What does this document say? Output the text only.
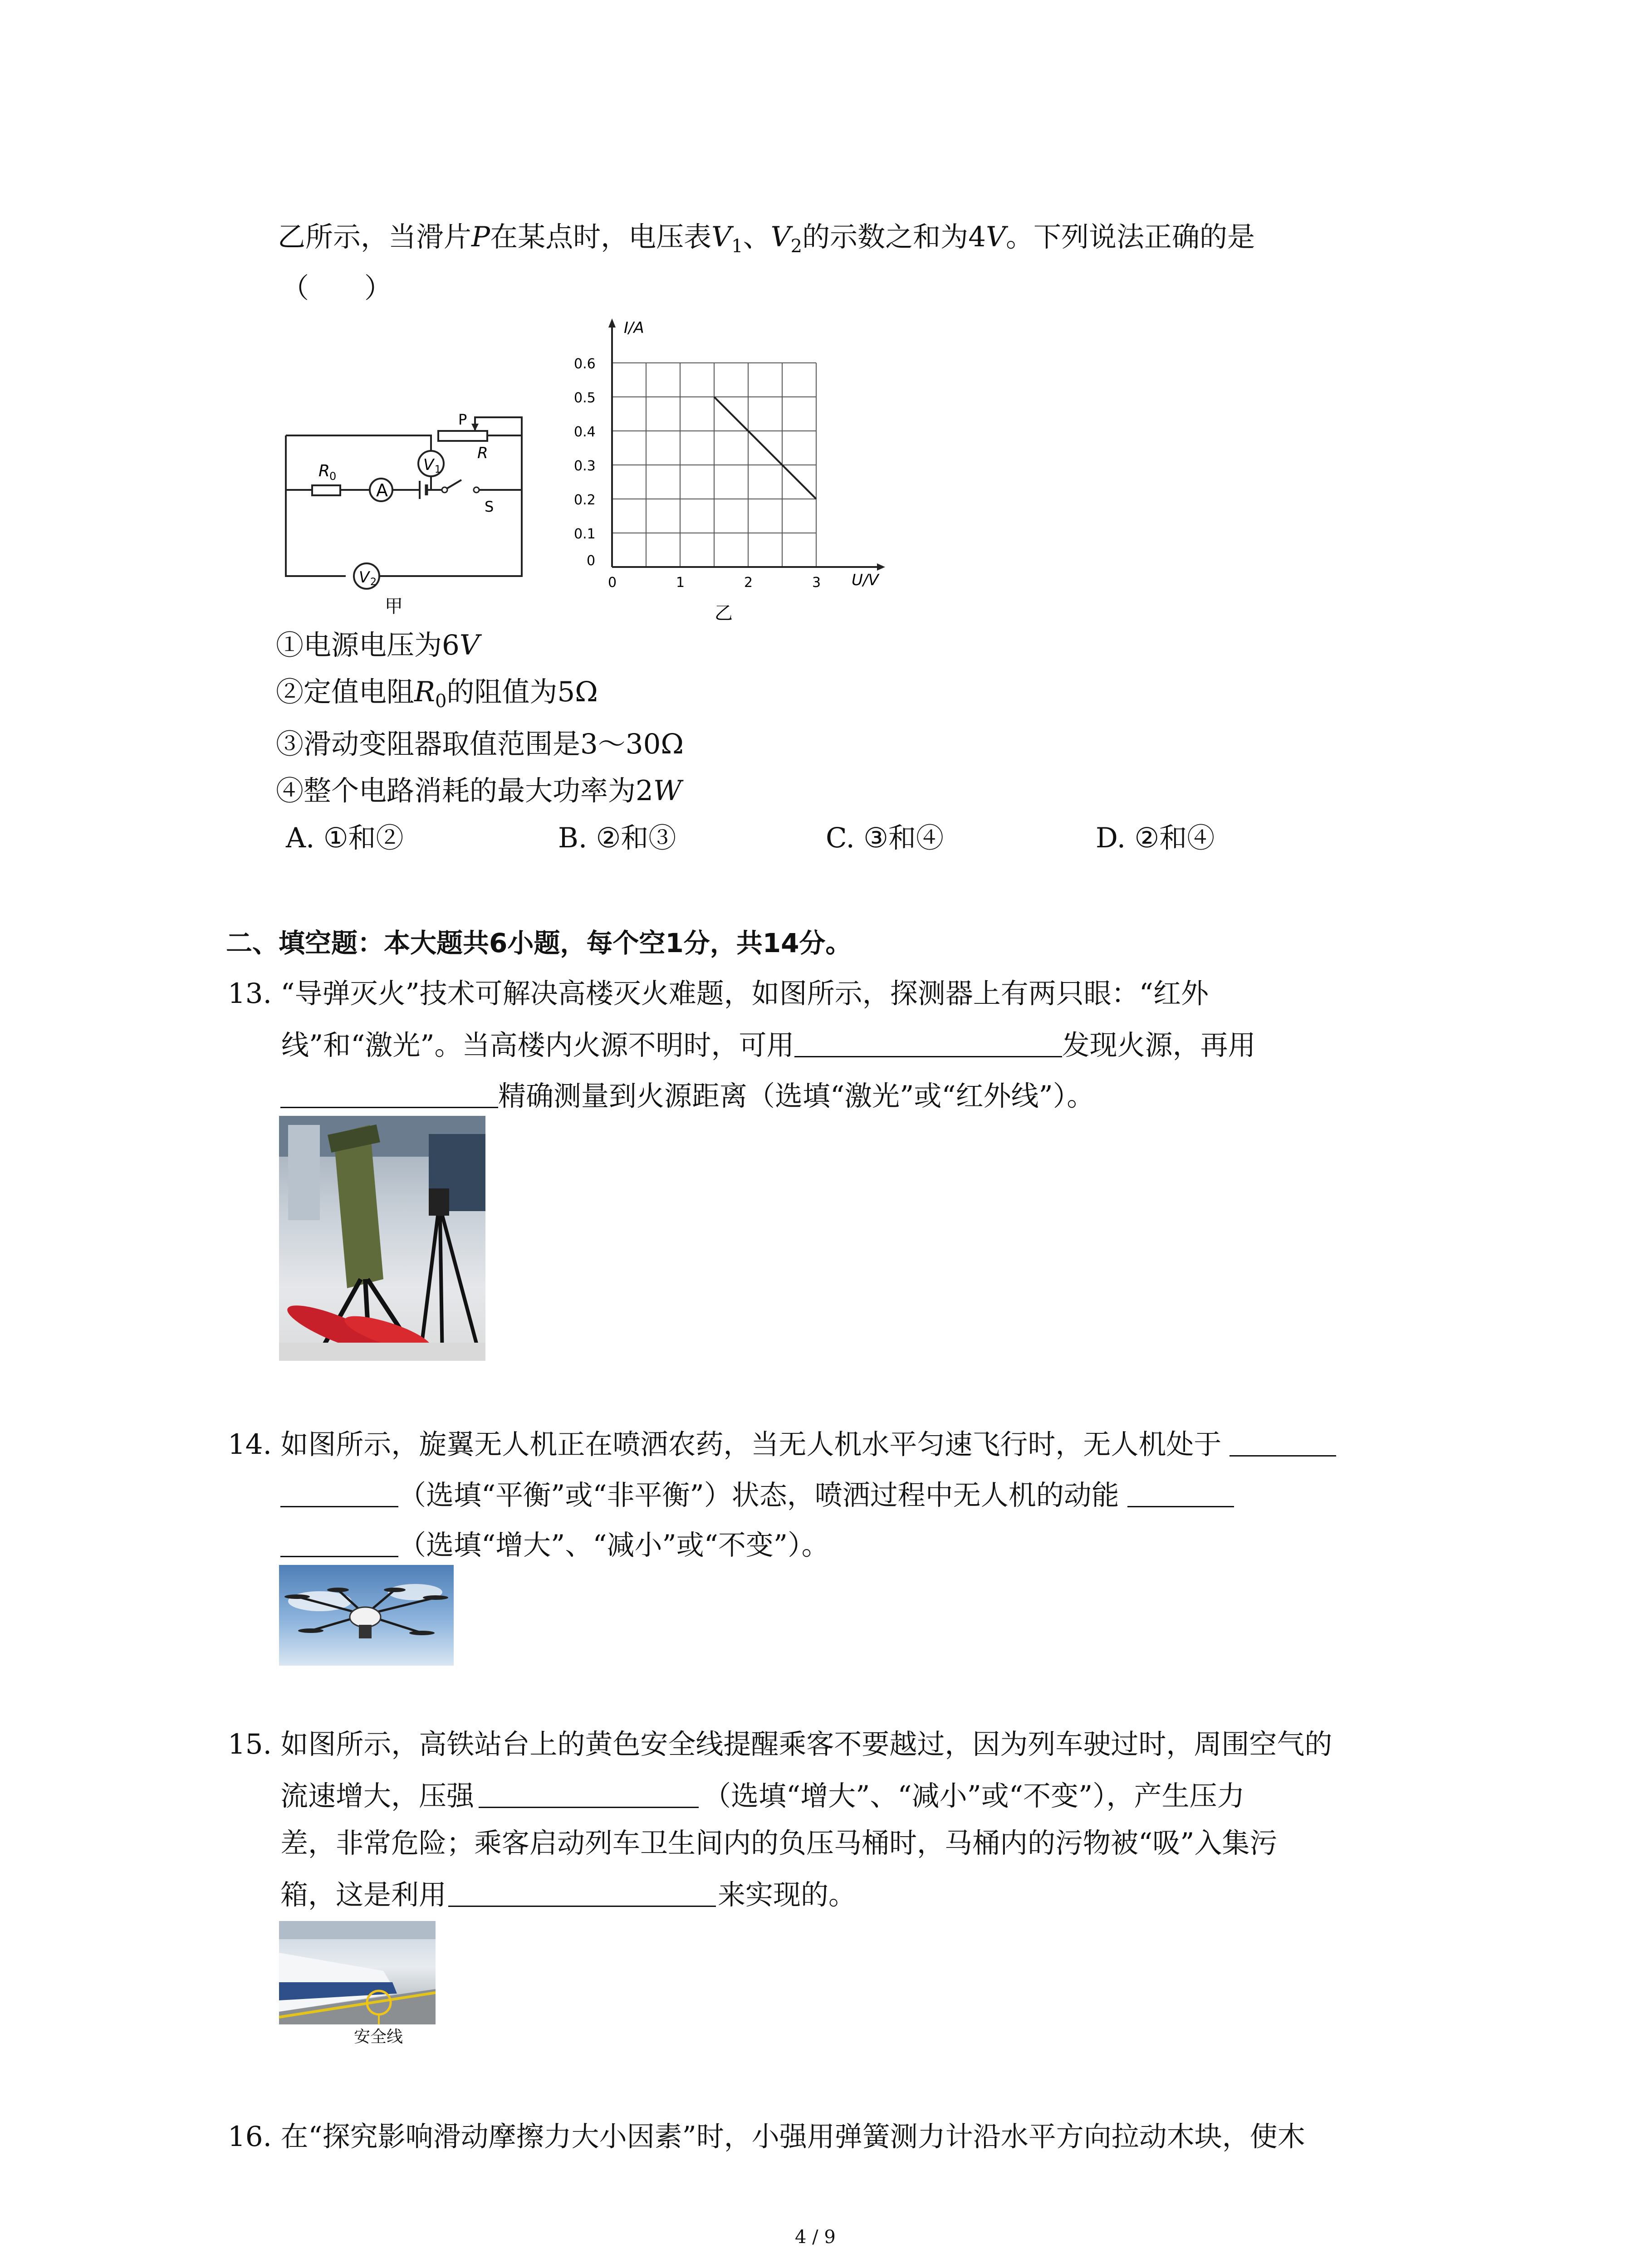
乙所示，当滑片P在某点时，电压表$V_1$、$V_2$的示数之和为4V。下列说法正确的是
（　　）
A
V 1
V 2
R
0
P
R
S
甲
I/A
U/V
0
0.1
0.2
0.3
0.4
0.5
0.6
0	1	2	3
乙
①电源电压为6V
②定值电阻$R_0$的阻值为5Ω
③滑动变阻器取值范围是3～30Ω
④整个电路消耗的最大功率为2W
A. ①和②	B. ②和③	C. ③和④	D. ②和④
二、填空题：本大题共6小题，每个空1分，共14分。
13. “导弹灭火”技术可解决高楼灭火难题，如图所示，探测器上有两只眼：“红外
线”和“激光”。当高楼内火源不明时，可用	发现火源，再用
精确测量到火源距离（选填“激光”或“红外线”）。
14. 如图所示，旋翼无人机正在喷洒农药，当无人机水平匀速飞行时，无人机处于
（选填“平衡”或“非平衡”）状态，喷洒过程中无人机的动能
（选填“增大”、“减小”或“不变”）。
15. 如图所示，高铁站台上的黄色安全线提醒乘客不要越过，因为列车驶过时，周围空气的
流速增大，压强	（选填“增大”、“减小”或“不变”），产生压力
差，非常危险；乘客启动列车卫生间内的负压马桶时，马桶内的污物被“吸”入集污
箱，这是利用	来实现的。
安全线
16. 在“探究影响滑动摩擦力大小因素”时，小强用弹簧测力计沿水平方向拉动木块，使木
4 / 9
